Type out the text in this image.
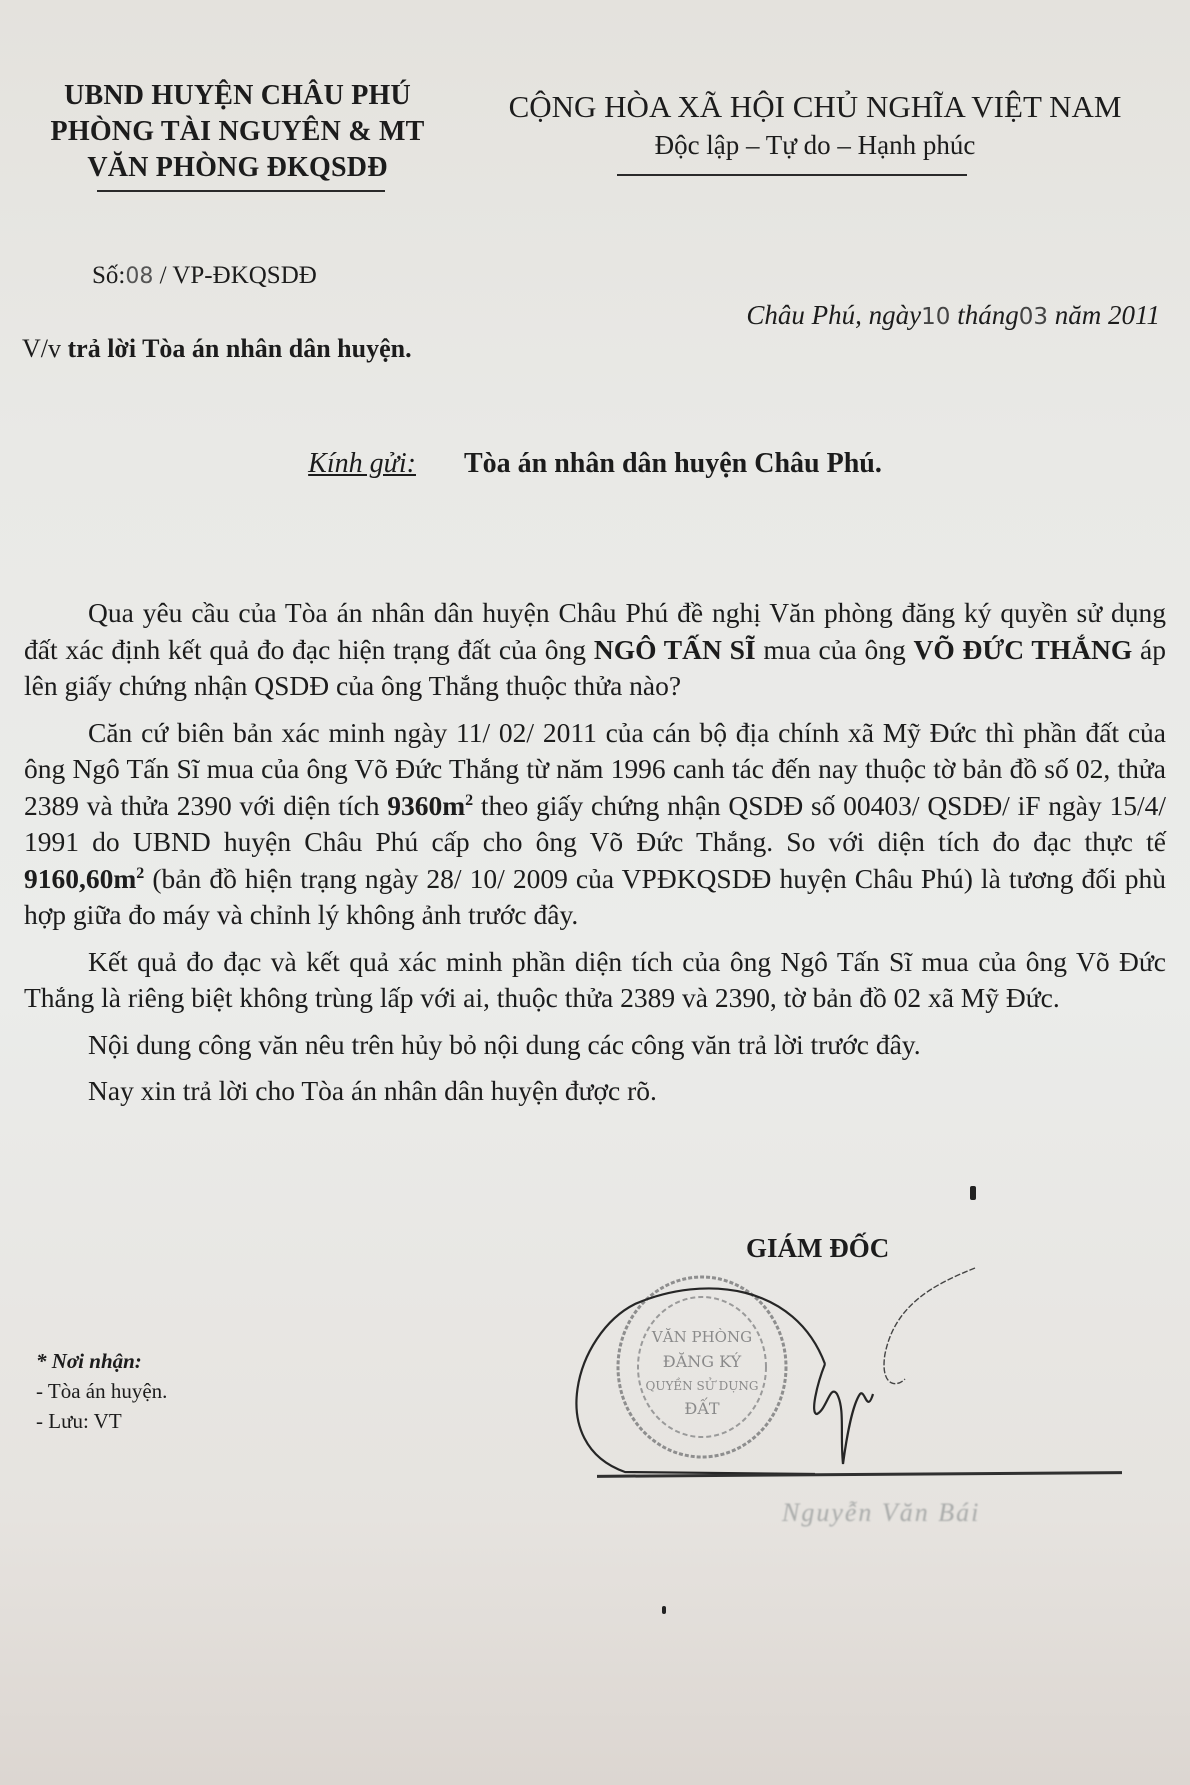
UBND HUYỆN CHÂU PHÚ
PHÒNG TÀI NGUYÊN & MT
VĂN PHÒNG ĐKQSDĐ
CỘNG HÒA XÃ HỘI CHỦ NGHĨA VIỆT NAM
Độc lập – Tự do – Hạnh phúc
Số:08 / VP-ĐKQSDĐ
Châu Phú, ngày10 tháng03 năm 2011
V/v trả lời Tòa án nhân dân huyện.
Kính gửi: Tòa án nhân dân huyện Châu Phú.

Qua yêu cầu của Tòa án nhân dân huyện Châu Phú đề nghị Văn phòng đăng ký quyền sử dụng đất xác định kết quả đo đạc hiện trạng đất của ông NGÔ TẤN SĨ mua của ông VÕ ĐỨC THẮNG áp lên giấy chứng nhận QSDĐ của ông Thắng thuộc thửa nào?

Căn cứ biên bản xác minh ngày 11/ 02/ 2011 của cán bộ địa chính xã Mỹ Đức thì phần đất của ông Ngô Tấn Sĩ mua của ông Võ Đức Thắng từ năm 1996 canh tác đến nay thuộc tờ bản đồ số 02, thửa 2389 và thửa 2390 với diện tích $9360m^2$ theo giấy chứng nhận QSDĐ số 00403/ QSDĐ/ iF ngày 15/4/ 1991 do UBND huyện Châu Phú cấp cho ông Võ Đức Thắng. So với diện tích đo đạc thực tế $9160,60m^2$ (bản đồ hiện trạng ngày 28/ 10/ 2009 của VPĐKQSDĐ huyện Châu Phú) là tương đối phù hợp giữa đo máy và chỉnh lý không ảnh trước đây.

Kết quả đo đạc và kết quả xác minh phần diện tích của ông Ngô Tấn Sĩ mua của ông Võ Đức Thắng là riêng biệt không trùng lấp với ai, thuộc thửa 2389 và 2390, tờ bản đồ 02 xã Mỹ Đức.

Nội dung công văn nêu trên hủy bỏ nội dung các công văn trả lời trước đây.

Nay xin trả lời cho Tòa án nhân dân huyện được rõ.

GIÁM ĐỐC
VĂN PHÒNG
ĐĂNG KÝ
QUYỀN SỬ DỤNG
ĐẤT
Nguyễn Văn Bái
* Nơi nhận:
- Tòa án huyện.
- Lưu: VT
